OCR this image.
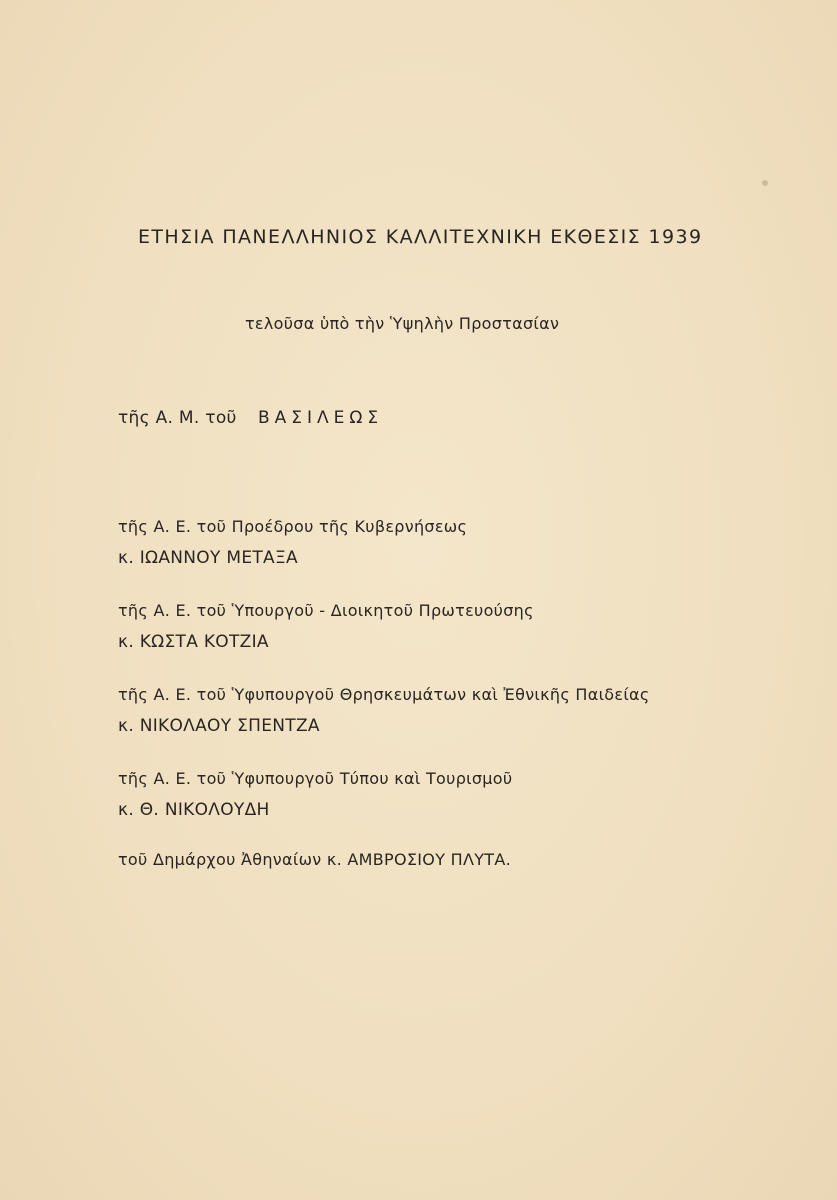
ΕΤΗΣΙΑ ΠΑΝΕΛΛΗΝΙΟΣ ΚΑΛΛΙΤΕΧΝΙΚΗ ΕΚΘΕΣΙΣ 1939
τελοῦσα ὑπὸ τὴν Ὑψηλὴν Προστασίαν
τῆς Α. Μ. τοῦ ΒΑΣΙΛΕΩΣ
τῆς Α. Ε. τοῦ Προέδρου τῆς Κυβερνήσεως
κ. ΙΩΑΝΝΟΥ ΜΕΤΑΞΑ
τῆς Α. Ε. τοῦ Ὑπουργοῦ - Διοικητοῦ Πρωτευούσης
κ. ΚΩΣΤΑ ΚΟΤΖΙΑ
τῆς Α. Ε. τοῦ Ὑφυπουργοῦ Θρησκευμάτων καὶ Ἐθνικῆς Παιδείας
κ. ΝΙΚΟΛΑΟΥ ΣΠΕΝΤΖΑ
τῆς Α. Ε. τοῦ Ὑφυπουργοῦ Τύπου καὶ Τουρισμοῦ
κ. Θ. ΝΙΚΟΛΟΥΔΗ
τοῦ Δημάρχου Ἀθηναίων κ. ΑΜΒΡΟΣΙΟΥ ΠΛΥΤΑ.
